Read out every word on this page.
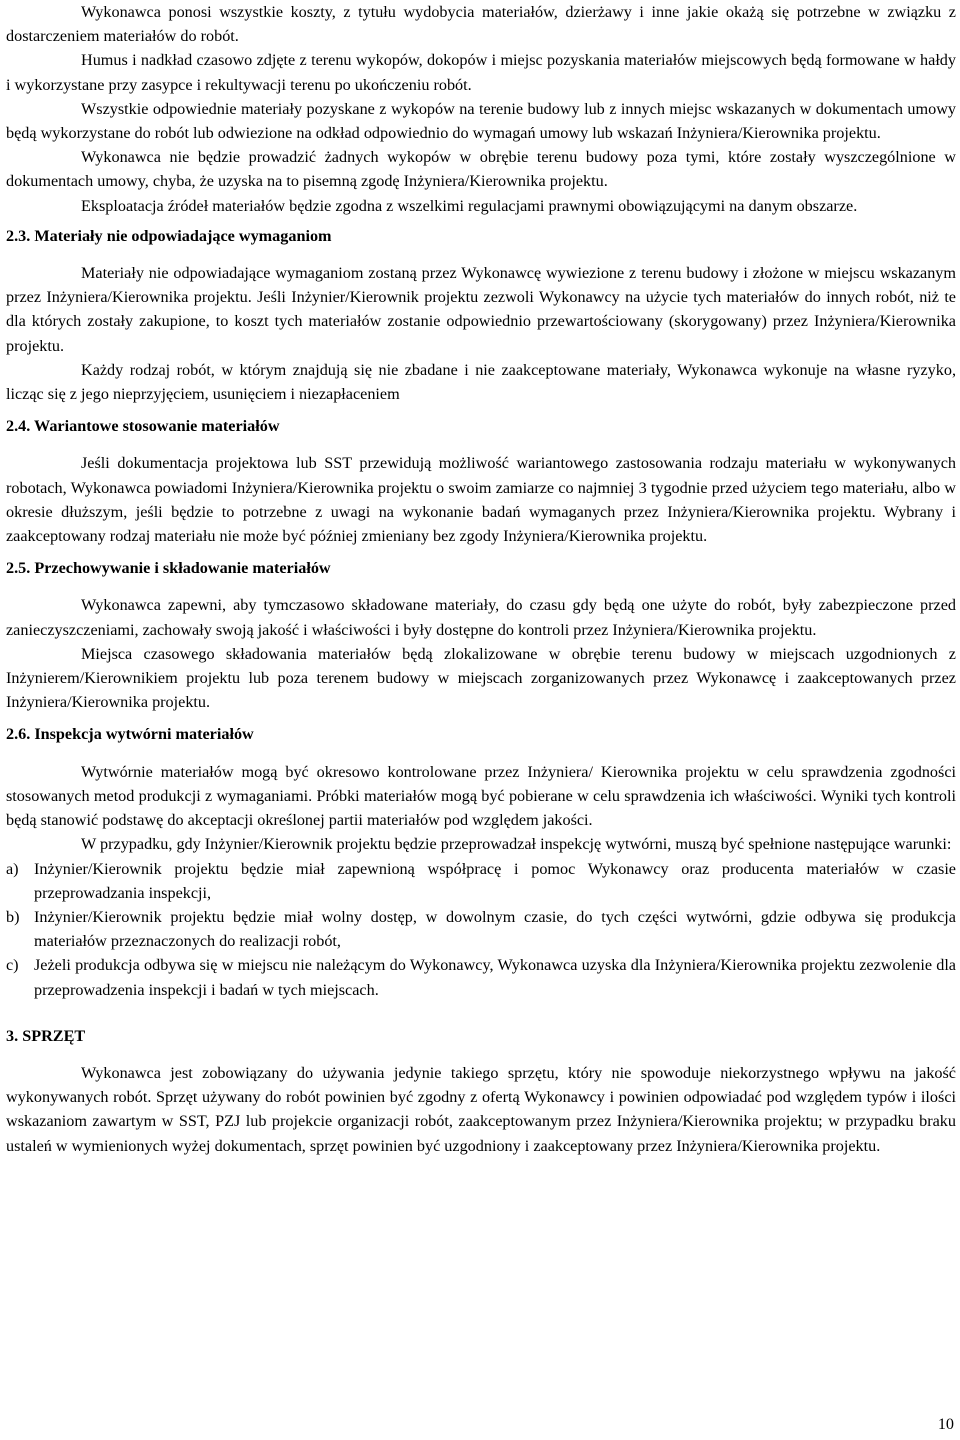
Wykonawca ponosi wszystkie koszty, z tytułu wydobycia materiałów, dzierżawy i inne jakie okażą się potrzebne w związku z dostarczeniem materiałów do robót.

Humus i nadkład czasowo zdjęte z terenu wykopów, dokopów i miejsc pozyskania materiałów miejscowych będą formowane w hałdy i wykorzystane przy zasypce i rekultywacji terenu po ukończeniu robót.

Wszystkie odpowiednie materiały pozyskane z wykopów na terenie budowy lub z innych miejsc wskazanych w dokumentach umowy będą wykorzystane do robót lub odwiezione na odkład odpowiednio do wymagań umowy lub wskazań Inżyniera/Kierownika projektu.

Wykonawca nie będzie prowadzić żadnych wykopów w obrębie terenu budowy poza tymi, które zostały wyszczególnione w dokumentach umowy, chyba, że uzyska na to pisemną zgodę Inżyniera/Kierownika projektu.

Eksploatacja źródeł materiałów będzie zgodna z wszelkimi regulacjami prawnymi obowiązującymi na danym obszarze.

2.3. Materiały nie odpowiadające wymaganiom

Materiały nie odpowiadające wymaganiom zostaną przez Wykonawcę wywiezione z terenu budowy i złożone w miejscu wskazanym przez Inżyniera/Kierownika projektu. Jeśli Inżynier/Kierownik projektu zezwoli Wykonawcy na użycie tych materiałów do innych robót, niż te dla których zostały zakupione, to koszt tych materiałów zostanie odpowiednio przewartościowany (skorygowany) przez Inżyniera/Kierownika projektu.

Każdy rodzaj robót, w którym znajdują się nie zbadane i nie zaakceptowane materiały, Wykonawca wykonuje na własne ryzyko, licząc się z jego nieprzyjęciem, usunięciem i niezapłaceniem

2.4. Wariantowe stosowanie materiałów

Jeśli dokumentacja projektowa lub SST przewidują możliwość wariantowego zastosowania rodzaju materiału w wykonywanych robotach, Wykonawca powiadomi Inżyniera/Kierownika projektu o swoim zamiarze co najmniej 3 tygodnie przed użyciem tego materiału, albo w okresie dłuższym, jeśli będzie to potrzebne z uwagi na wykonanie badań wymaganych przez Inżyniera/Kierownika projektu. Wybrany i zaakceptowany rodzaj materiału nie może być później zmieniany bez zgody Inżyniera/Kierownika projektu.

2.5. Przechowywanie i składowanie materiałów

Wykonawca zapewni, aby tymczasowo składowane materiały, do czasu gdy będą one użyte do robót, były zabezpieczone przed zanieczyszczeniami, zachowały swoją jakość i właściwości i były dostępne do kontroli przez Inżyniera/Kierownika projektu.

Miejsca czasowego składowania materiałów będą zlokalizowane w obrębie terenu budowy w miejscach uzgodnionych z Inżynierem/Kierownikiem projektu lub poza terenem budowy w miejscach zorganizowanych przez Wykonawcę i zaakceptowanych przez Inżyniera/Kierownika projektu.

2.6. Inspekcja wytwórni materiałów

Wytwórnie materiałów mogą być okresowo kontrolowane przez Inżyniera/ Kierownika projektu w celu sprawdzenia zgodności stosowanych metod produkcji z wymaganiami. Próbki materiałów mogą być pobierane w celu sprawdzenia ich właściwości. Wyniki tych kontroli będą stanowić podstawę do akceptacji określonej partii materiałów pod względem jakości.

W przypadku, gdy Inżynier/Kierownik projektu będzie przeprowadzał inspekcję wytwórni, muszą być spełnione następujące warunki:

a) Inżynier/Kierownik projektu będzie miał zapewnioną współpracę i pomoc Wykonawcy oraz producenta materiałów w czasie przeprowadzania inspekcji,

b) Inżynier/Kierownik projektu będzie miał wolny dostęp, w dowolnym czasie, do tych części wytwórni, gdzie odbywa się produkcja materiałów przeznaczonych do realizacji robót,

c) Jeżeli produkcja odbywa się w miejscu nie należącym do Wykonawcy, Wykonawca uzyska dla Inżyniera/Kierownika projektu zezwolenie dla przeprowadzenia inspekcji i badań w tych miejscach.

3. SPRZĘT

Wykonawca jest zobowiązany do używania jedynie takiego sprzętu, który nie spowoduje niekorzystnego wpływu na jakość wykonywanych robót. Sprzęt używany do robót powinien być zgodny z ofertą Wykonawcy i powinien odpowiadać pod względem typów i ilości wskazaniom zawartym w SST, PZJ lub projekcie organizacji robót, zaakceptowanym przez Inżyniera/Kierownika projektu; w przypadku braku ustaleń w wymienionych wyżej dokumentach, sprzęt powinien być uzgodniony i zaakceptowany przez Inżyniera/Kierownika projektu.

10
